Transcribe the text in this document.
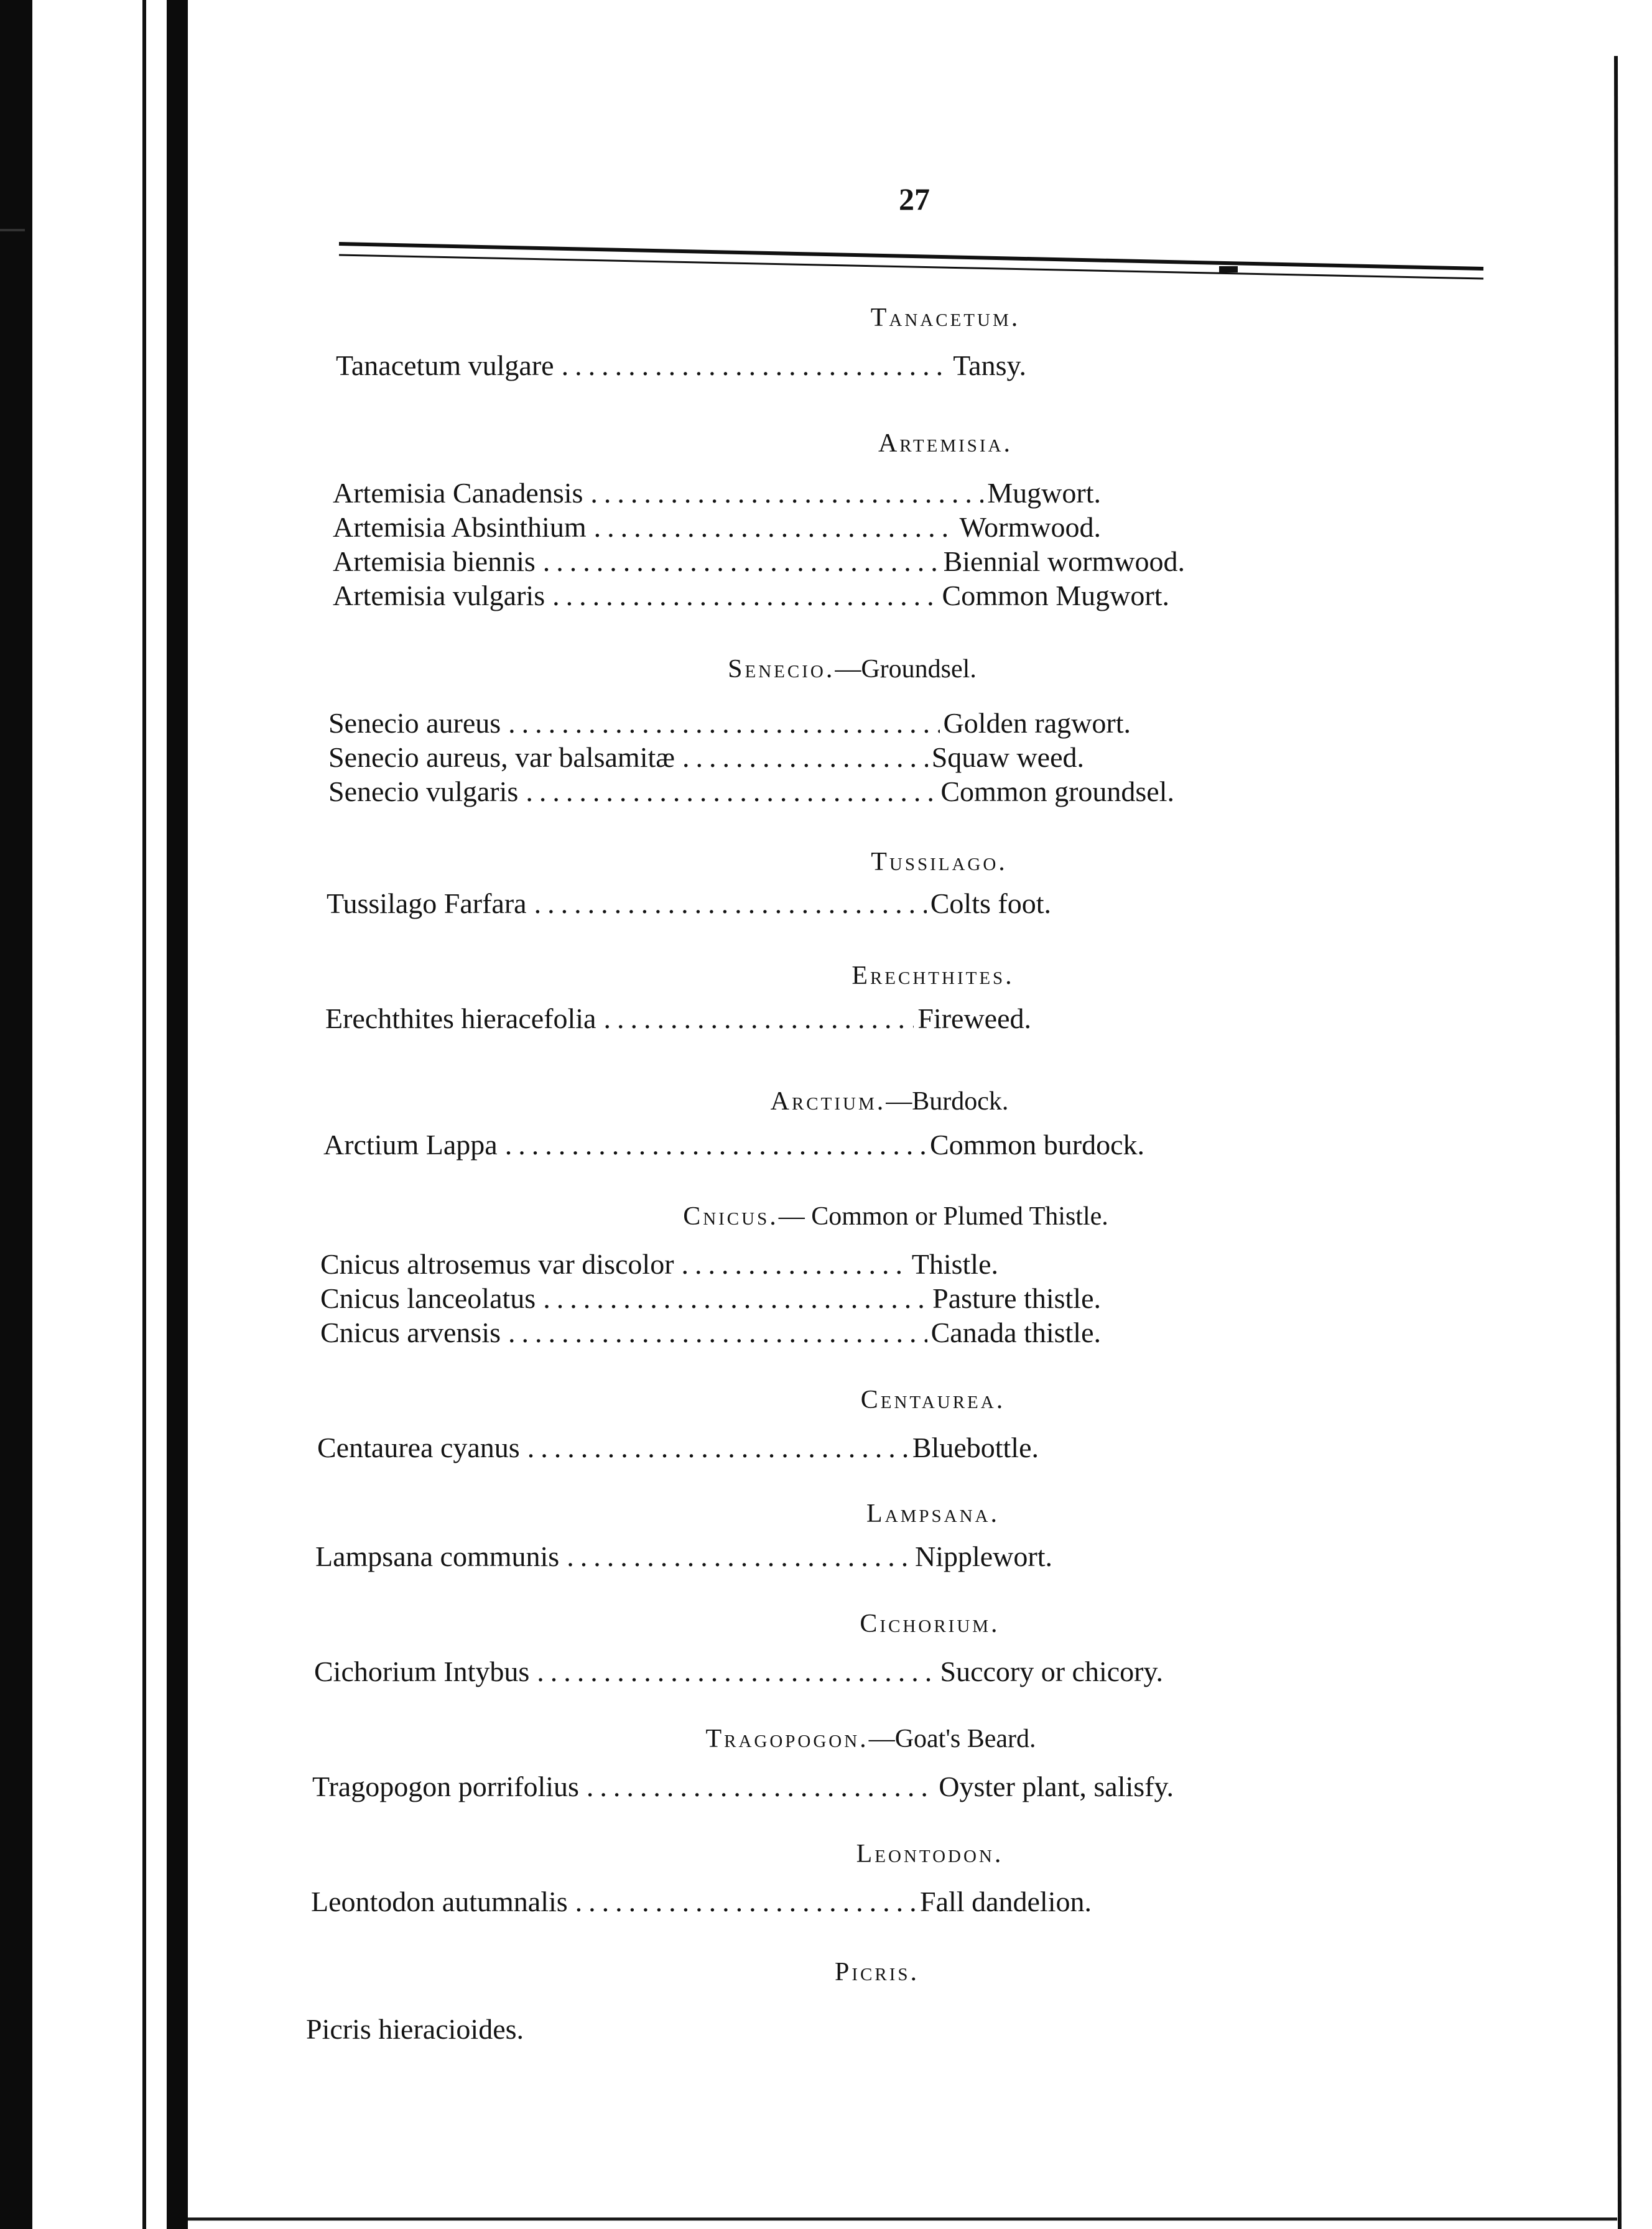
27
Tanacetum.
Tanacetum vulgare .....	Tansy.
Artemisia.
Artemisia Canadensis .....	Mugwort.
Artemisia Absinthium .....	Wormwood.
Artemisia biennis .....	Biennial wormwood.
Artemisia vulgaris .....	Common Mugwort.
Senecio.—Groundsel.
Senecio aureus .....	Golden ragwort.
Senecio aureus, var balsamitæ .....	Squaw weed.
Senecio vulgaris .....	Common groundsel.
Tussilago.
Tussilago Farfara .....	Colts foot.
Erechthites.
Erechthites hieracefolia .....	Fireweed.
Arctium.—Burdock.
Arctium Lappa .....	Common burdock.
Cnicus.— Common or Plumed Thistle.
Cnicus altrosemus var discolor .....	Thistle.
Cnicus lanceolatus .....	Pasture thistle.
Cnicus arvensis .....	Canada thistle.
Centaurea.
Centaurea cyanus .....	Bluebottle.
Lampsana.
Lampsana communis .....	Nipplewort.
Cichorium.
Cichorium Intybus .....	Succory or chicory.
Tragopogon.—Goat's Beard.
Tragopogon porrifolius .....	Oyster plant, salisfy.
Leontodon.
Leontodon autumnalis .....	Fall dandelion.
Picris.
Picris hieracioides.
